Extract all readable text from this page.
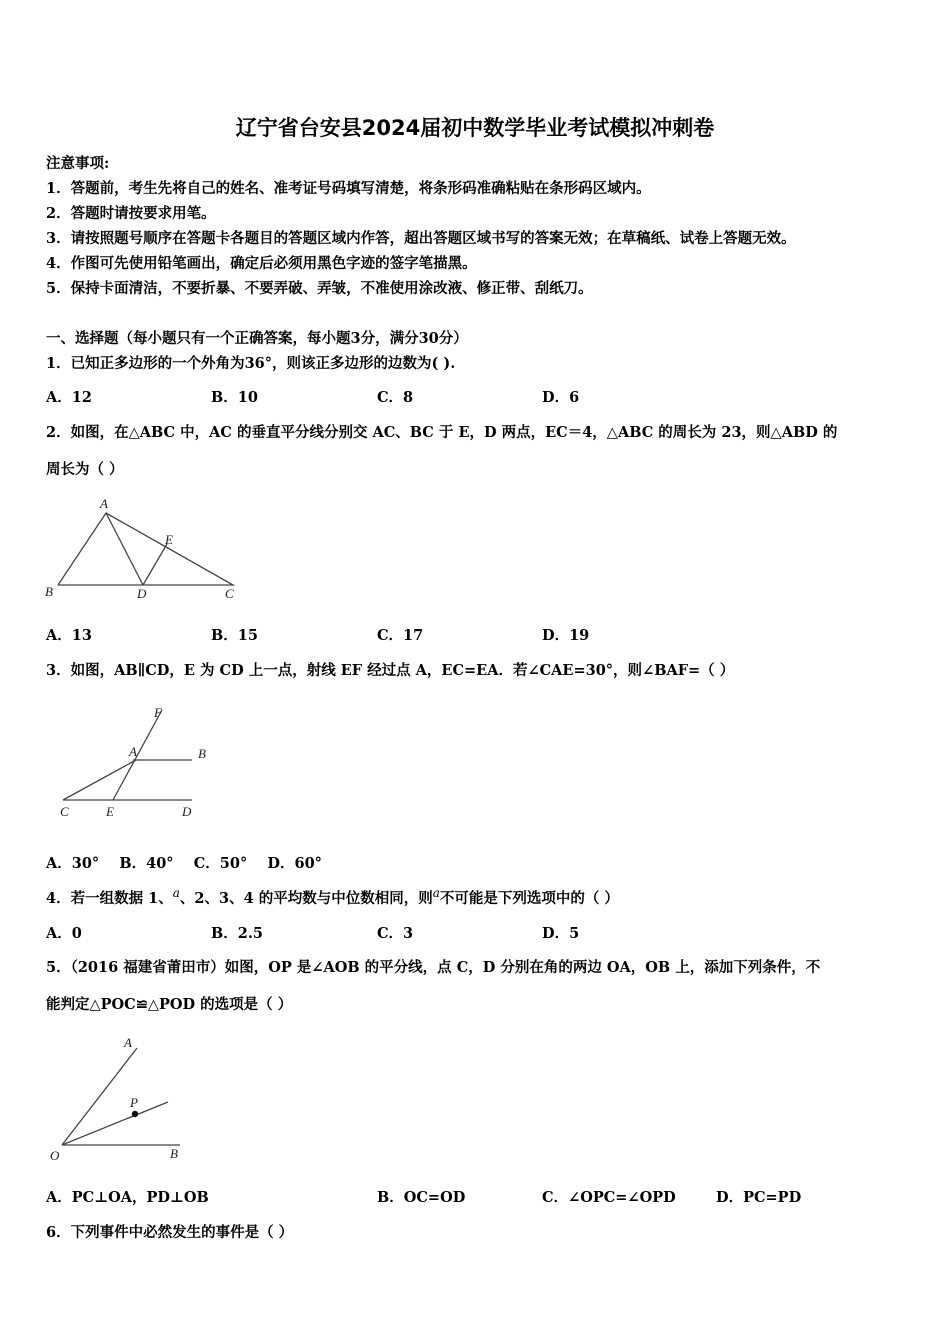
辽宁省台安县2024届初中数学毕业考试模拟冲刺卷
注意事项:
1．答题前，考生先将自己的姓名、准考证号码填写清楚，将条形码准确粘贴在条形码区域内。
2．答题时请按要求用笔。
3．请按照题号顺序在答题卡各题目的答题区域内作答，超出答题区域书写的答案无效；在草稿纸、试卷上答题无效。
4．作图可先使用铅笔画出，确定后必须用黑色字迹的签字笔描黑。
5．保持卡面清洁，不要折暴、不要弄破、弄皱，不准使用涂改液、修正带、刮纸刀。
一、选择题（每小题只有一个正确答案，每小题3分，满分30分）
1．已知正多边形的一个外角为36°，则该正多边形的边数为( ).
A．12	B．10	C．8	D．6
2．如图，在△ABC 中，AC 的垂直平分线分别交 AC、BC 于 E，D 两点，EC＝4，△ABC 的周长为 23，则△ABD 的
周长为（ ）
A
B	D
E
C
A．13	B．15	C．17	D．19
3．如图，AB∥CD，E 为 CD 上一点，射线 EF 经过点 A，EC=EA．若∠CAE=30°，则∠BAF=（ ）
F
A	B
C	E	D
A．30°    B．40°    C．50°    D．60°
4．若一组数据 1、$^a$、2、3、4 的平均数与中位数相同，则$^a$不可能是下列选项中的（ ）
A．0	B．2.5	C．3	D．5
5．（2016 福建省莆田市）如图，OP 是∠AOB 的平分线，点 C，D 分别在角的两边 OA，OB 上，添加下列条件，不
能判定△POC≌△POD 的选项是（ ）
A
P
O	B
A．PC⊥OA，PD⊥OB	B．OC=OD	C．∠OPC=∠OPD	D．PC=PD
6．下列事件中必然发生的事件是（ ）
